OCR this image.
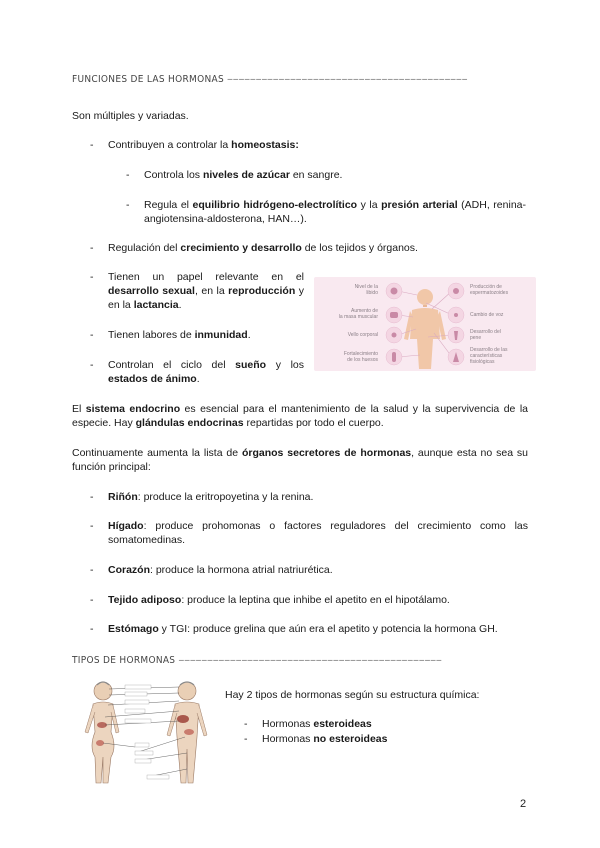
FUNCIONES DE LAS HORMONAS ‒‒‒‒‒‒‒‒‒‒‒‒‒‒‒‒‒‒‒‒‒‒‒‒‒‒‒‒‒‒‒‒‒‒‒‒‒‒‒‒‒‒
Son múltiples y variadas.
- Contribuyen a controlar la homeostasis:
- Controla los niveles de azúcar en sangre.
- Regula el equilibrio hidrógeno-electrolítico y la presión arterial (ADH, renina-angiotensina-aldosterona, HAN…).
- Regulación del crecimiento y desarrollo de los tejidos y órganos.
- Tienen un papel relevante en el desarrollo sexual, en la reproducción y en la lactancia.
- Tienen labores de inmunidad.
- Controlan el ciclo del sueño y los estados de ánimo.
Nivel de la
libido
Aumento de
la masa muscular
Vello corporal
Fortalecimiento
de los huesos
Producción de
espermatozoides
Cambio de voz
Desarrollo del
pene
Desarrollo de las
características
fisiológicas
El sistema endocrino es esencial para el mantenimiento de la salud y la supervivencia de la especie. Hay glándulas endocrinas repartidas por todo el cuerpo.
Continuamente aumenta la lista de órganos secretores de hormonas, aunque esta no sea su función principal:
- Riñón: produce la eritropoyetina y la renina.
- Hígado: produce prohomonas o factores reguladores del crecimiento como las somatomedinas.
- Corazón: produce la hormona atrial natriurética.
- Tejido adiposo: produce la leptina que inhibe el apetito en el hipotálamo.
- Estómago y TGI: produce grelina que aún era el apetito y potencia la hormona GH.
TIPOS DE HORMONAS ‒‒‒‒‒‒‒‒‒‒‒‒‒‒‒‒‒‒‒‒‒‒‒‒‒‒‒‒‒‒‒‒‒‒‒‒‒‒‒‒‒‒‒‒‒‒
Hay 2 tipos de hormonas según su estructura química:
- Hormonas esteroideas
- Hormonas no esteroideas
2
